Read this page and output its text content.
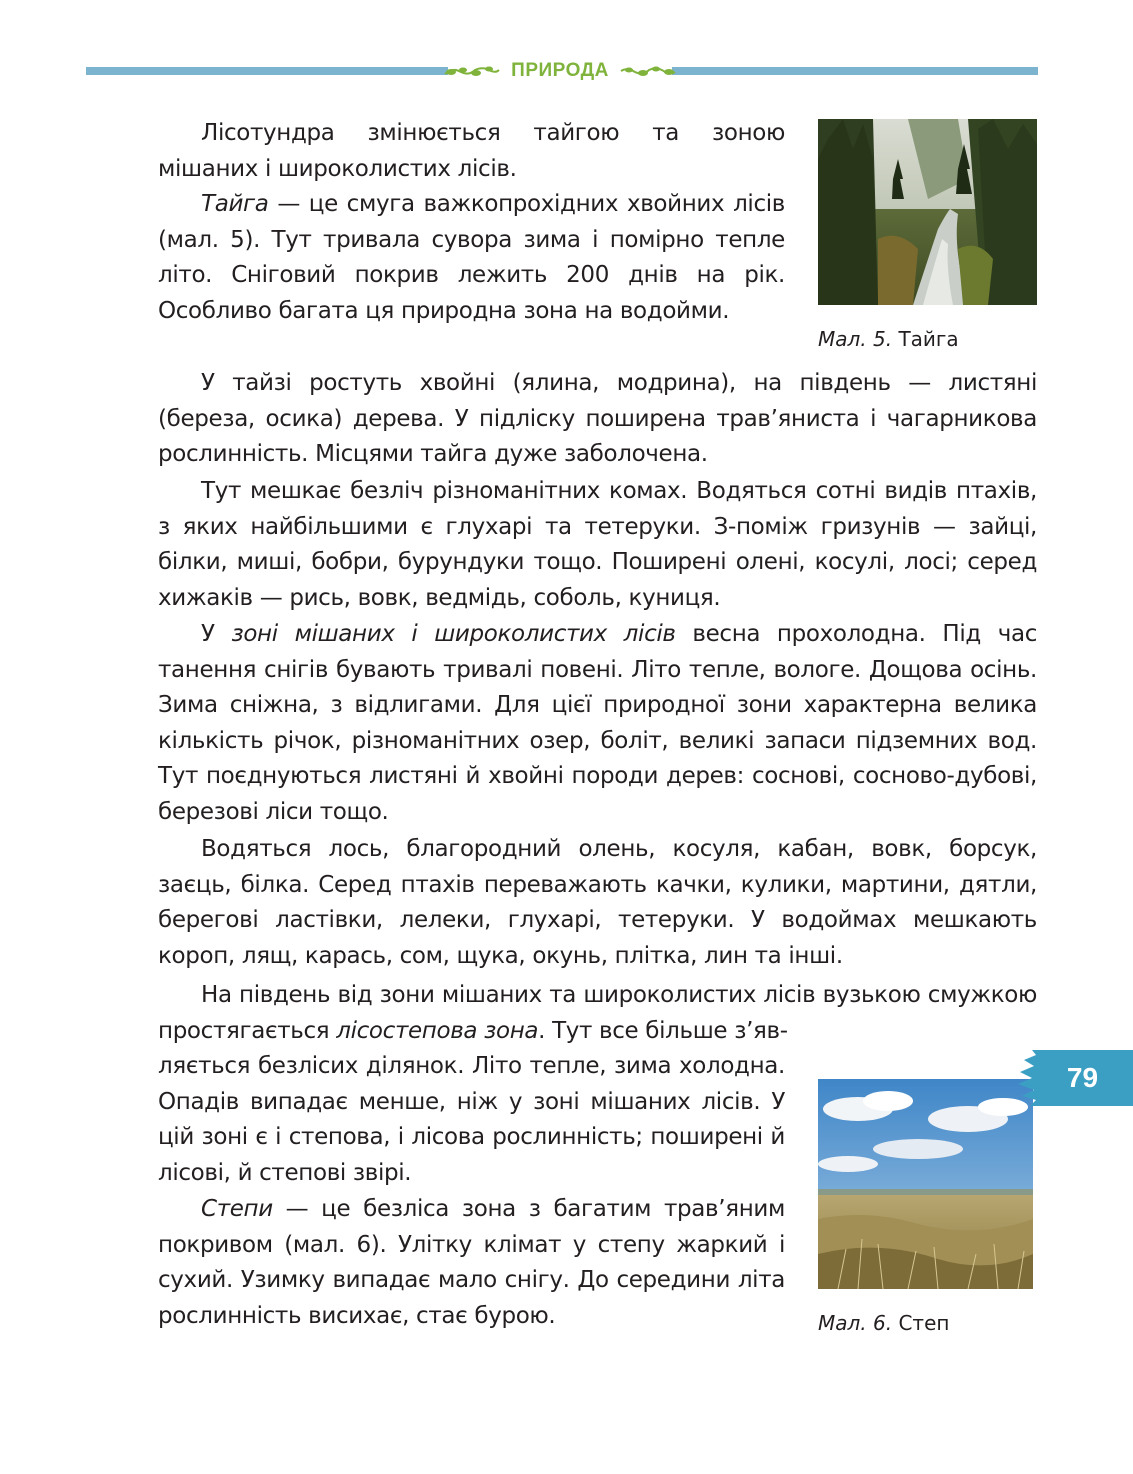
ПРИРОДА

Лісотундра змінюється тайгою та зоною мішаних і широколистих лісів.

Тайга — це смуга важкопрохідних хвойних лісів (мал. 5). Тут тривала сувора зима і помірно тепле літо. Сніговий покрив лежить 200 днів на рік. Особливо багата ця природна зона на водойми.

Мал. 5. Тайга

У тайзі ростуть хвойні (ялина, модрина), на південь — листяні (береза, осика) дерева. У підліску поширена трав’яниста і чагарникова рослинність. Місцями тайга дуже заболочена.

Тут мешкає безліч різноманітних комах. Водяться сотні видів птахів, з яких найбільшими є глухарі та тетеруки. З-поміж гризунів — зайці, білки, миші, бобри, бурундуки тощо. Поширені олені, косулі, лосі; серед хижаків — рись, вовк, ведмідь, соболь, куниця.

У зоні мішаних і широколистих лісів весна прохолодна. Під час танення снігів бувають тривалі повені. Літо тепле, вологе. Дощова осінь. Зима сніжна, з відлигами. Для цієї природної зони характерна велика кількість річок, різноманітних озер, боліт, великі запаси підземних вод. Тут поєднуються листяні й хвойні породи дерев: соснові, сосново-дубові, березові ліси тощо.

Водяться лось, благородний олень, косуля, кабан, вовк, борсук, заєць, білка. Серед птахів переважають качки, кулики, мартини, дятли, берегові ластівки, лелеки, глухарі, тетеруки. У водоймах мешкають короп, лящ, карась, сом, щука, окунь, плітка, лин та інші.

На південь від зони мішаних та широколистих лісів вузькою смужкою простягається лісостепова зона. Тут все більше з’яв-

ляється безлісих ділянок. Літо тепле, зима холодна. Опадів випадає менше, ніж у зоні мішаних лісів. У цій зоні є і степова, і лісова рослинність; поширені й лісові, й степові звірі.

Степи — це безліса зона з багатим трав’яним покривом (мал. 6). Улітку клімат у степу жаркий і сухий. Узимку випадає мало снігу. До середини літа рослинність висихає, стає бурою.	Мал. 6. Степ
79
